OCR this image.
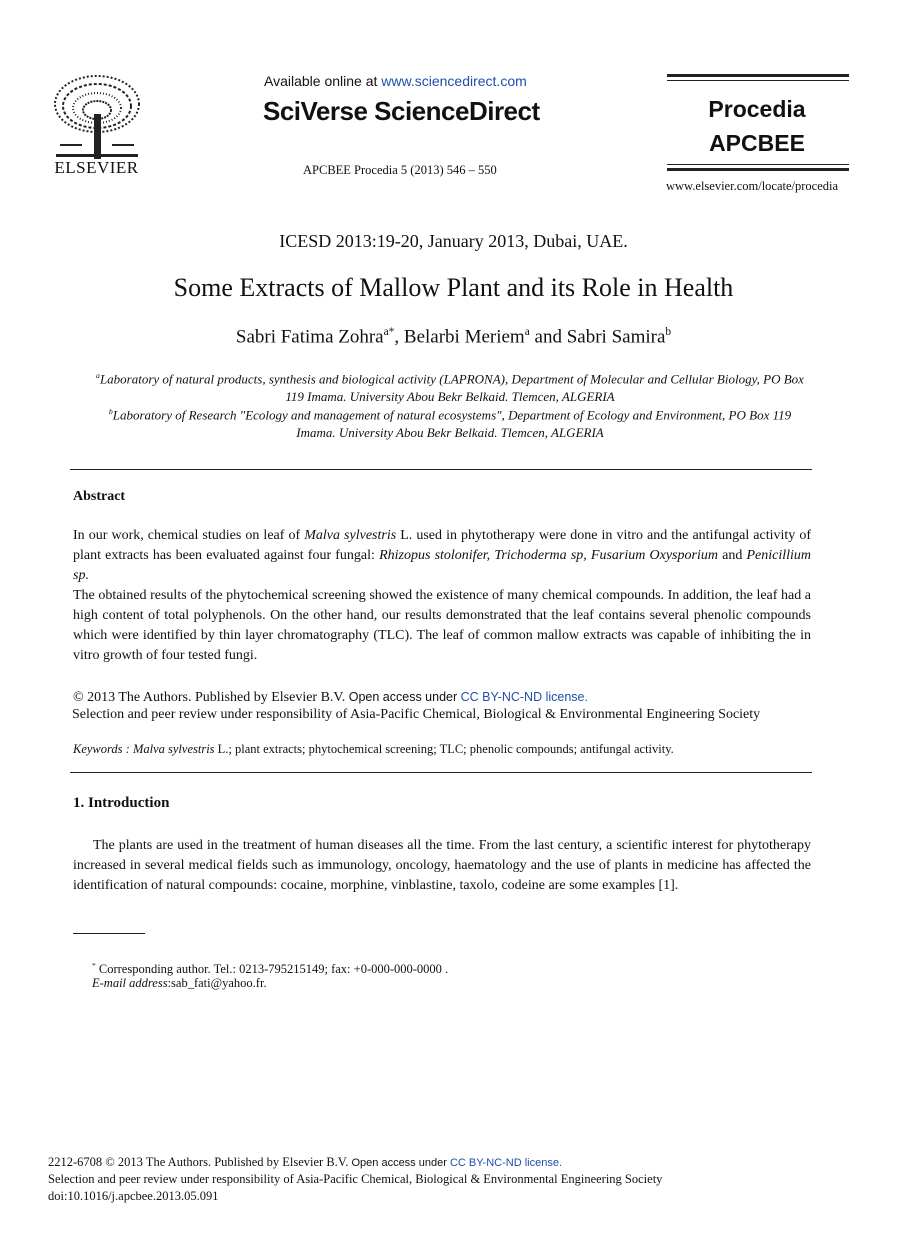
ELSEVIER
Available online at www.sciencedirect.com
SciVerse ScienceDirect
APCBEE Procedia 5 (2013) 546 – 550
Procedia
APCBEE
www.elsevier.com/locate/procedia
ICESD 2013:19-20, January 2013, Dubai, UAE.
Some Extracts of Mallow Plant and its Role in Health
Sabri Fatima Zohra$^{a*}$, Belarbi Meriem$^a$ and Sabri Samira$^b$
$^a$Laboratory of natural products, synthesis and biological activity (LAPRONA), Department of Molecular and Cellular Biology, PO Box
119 Imama. University Abou Bekr Belkaid. Tlemcen, ALGERIA
$^b$Laboratory of Research "Ecology and management of natural ecosystems", Department of Ecology and Environment, PO Box 119
Imama. University Abou Bekr Belkaid. Tlemcen, ALGERIA
Abstract
In our work, chemical studies on leaf of Malva sylvestris L. used in phytotherapy were done in vitro and the antifungal activity of plant extracts has been evaluated against four fungal: Rhizopus stolonifer, Trichoderma sp, Fusarium Oxysporium and Penicillium sp.
The obtained results of the phytochemical screening showed the existence of many chemical compounds. In addition, the leaf had a high content of total polyphenols. On the other hand, our results demonstrated that the leaf contains several phenolic compounds which were identified by thin layer chromatography (TLC). The leaf of common mallow extracts was capable of inhibiting the in vitro growth of four tested fungi.
© 2013 The Authors. Published by Elsevier B.V. Open access under CC BY-NC-ND license.
Selection and peer review under responsibility of Asia-Pacific Chemical, Biological & Environmental Engineering Society
Keywords : Malva sylvestris L.; plant extracts; phytochemical screening; TLC; phenolic compounds; antifungal activity.
1. Introduction
The plants are used in the treatment of human diseases all the time. From the last century, a scientific interest for phytotherapy increased in several medical fields such as immunology, oncology, haematology and the use of plants in medicine has affected the identification of natural compounds: cocaine, morphine, vinblastine, taxolo, codeine are some examples [1].
* Corresponding author. Tel.: 0213-795215149; fax: +0-000-000-0000 .
E-mail address:sab_fati@yahoo.fr.
2212-6708 © 2013 The Authors. Published by Elsevier B.V. Open access under CC BY-NC-ND license.
Selection and peer review under responsibility of Asia-Pacific Chemical, Biological & Environmental Engineering Society
doi:10.1016/j.apcbee.2013.05.091
